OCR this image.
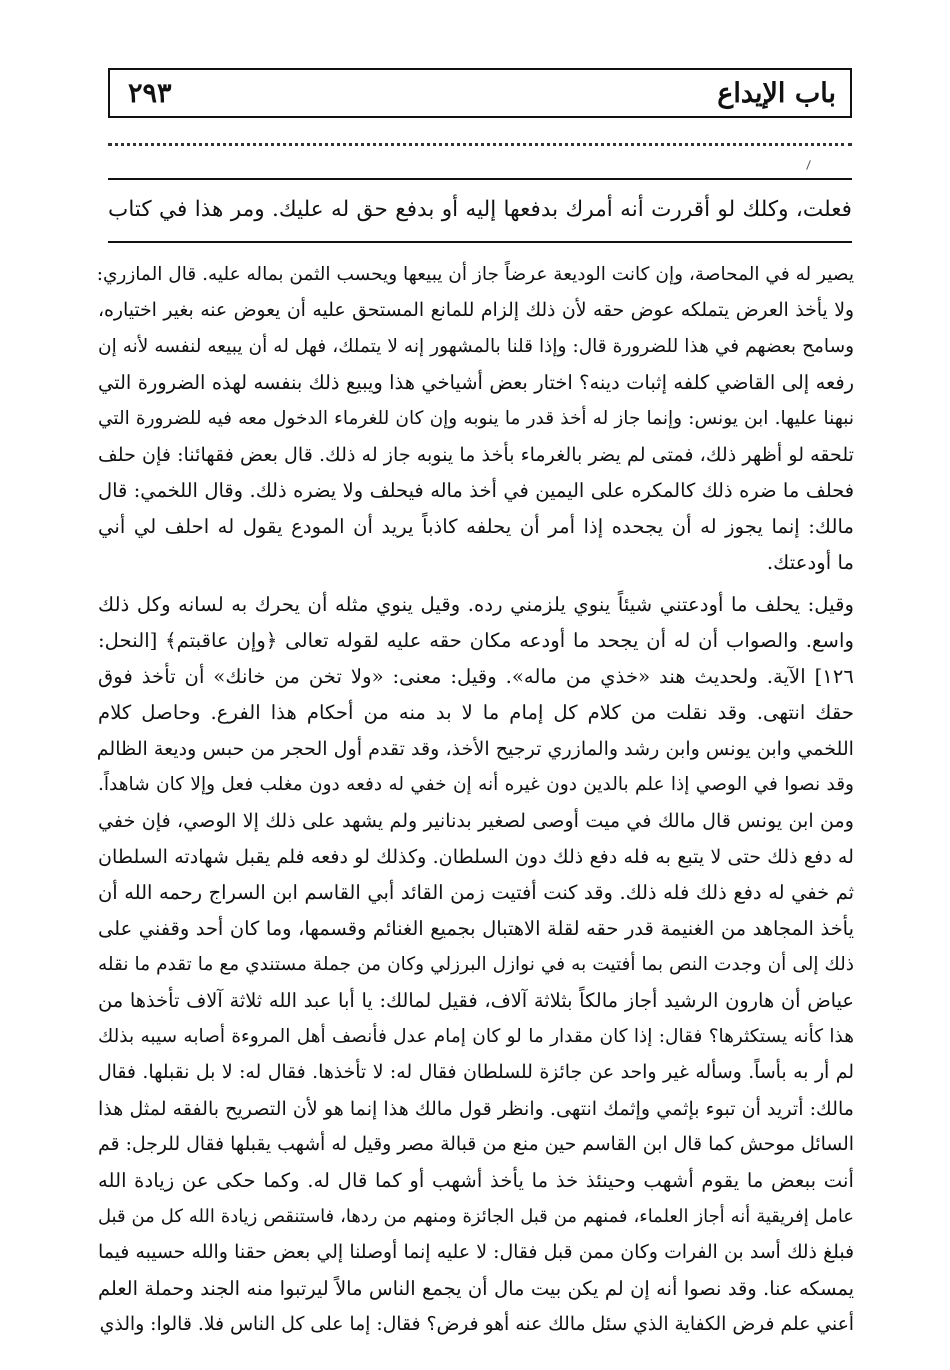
باب الإيداع
٢٩٣
فعلت، وكلك لو أقررت أنه أمرك بدفعها إليه أو بدفع حق له عليك. ومر هذا في كتاب
يصير له في المحاصة، وإن كانت الوديعة عرضاً جاز أن يبيعها ويحسب الثمن بماله عليه. قال المازري:
ولا يأخذ العرض يتملكه عوض حقه لأن ذلك إلزام للمانع المستحق عليه أن يعوض عنه بغير اختياره،
وسامح بعضهم في هذا للضرورة قال: وإذا قلنا بالمشهور إنه لا يتملك، فهل له أن يبيعه لنفسه لأنه إن
رفعه إلى القاضي كلفه إثبات دينه؟ اختار بعض أشياخي هذا ويبيع ذلك بنفسه لهذه الضرورة التي
نبهنا عليها. ابن يونس: وإنما جاز له أخذ قدر ما ينوبه وإن كان للغرماء الدخول معه فيه للضرورة التي
تلحقه لو أظهر ذلك، فمتى لم يضر بالغرماء بأخذ ما ينوبه جاز له ذلك. قال بعض فقهائنا: فإن حلف
فحلف ما ضره ذلك كالمكره على اليمين في أخذ ماله فيحلف ولا يضره ذلك. وقال اللخمي: قال
مالك: إنما يجوز له أن يجحده إذا أمر أن يحلفه كاذباً يريد أن المودع يقول له احلف لي أني
ما أودعتك.
وقيل: يحلف ما أودعتني شيئاً ينوي يلزمني رده. وقيل ينوي مثله أن يحرك به لسانه وكل ذلك
واسع. والصواب أن له أن يجحد ما أودعه مكان حقه عليه لقوله تعالى ﴿وإن عاقبتم﴾ [النحل:
١٢٦] الآية. ولحديث هند «خذي من ماله». وقيل: معنى: «ولا تخن من خانك» أن تأخذ فوق
حقك انتهى. وقد نقلت من كلام كل إمام ما لا بد منه من أحكام هذا الفرع. وحاصل كلام
اللخمي وابن يونس وابن رشد والمازري ترجيح الأخذ، وقد تقدم أول الحجر من حبس وديعة الظالم
وقد نصوا في الوصي إذا علم بالدين دون غيره أنه إن خفي له دفعه دون مغلب فعل وإلا كان شاهداً.
ومن ابن يونس قال مالك في ميت أوصى لصغير بدنانير ولم يشهد على ذلك إلا الوصي، فإن خفي
له دفع ذلك حتى لا يتبع به فله دفع ذلك دون السلطان. وكذلك لو دفعه فلم يقبل شهادته السلطان
ثم خفي له دفع ذلك فله ذلك. وقد كنت أفتيت زمن القائد أبي القاسم ابن السراج رحمه الله أن
يأخذ المجاهد من الغنيمة قدر حقه لقلة الاهتبال بجميع الغنائم وقسمها، وما كان أحد وقفني على
ذلك إلى أن وجدت النص بما أفتيت به في نوازل البرزلي وكان من جملة مستندي مع ما تقدم ما نقله
عياض أن هارون الرشيد أجاز مالكاً بثلاثة آلاف، فقيل لمالك: يا أبا عبد الله ثلاثة آلاف تأخذها من
هذا كأنه يستكثرها؟ فقال: إذا كان مقدار ما لو كان إمام عدل فأنصف أهل المروءة أصابه سيبه بذلك
لم أر به بأساً. وسأله غير واحد عن جائزة للسلطان فقال له: لا تأخذها. فقال له: لا بل نقبلها. فقال
مالك: أتريد أن تبوء بإثمي وإثمك انتهى. وانظر قول مالك هذا إنما هو لأن التصريح بالفقه لمثل هذا
السائل موحش كما قال ابن القاسم حين منع من قبالة مصر وقيل له أشهب يقبلها فقال للرجل: قم
أنت ببعض ما يقوم أشهب وحينئذ خذ ما يأخذ أشهب أو كما قال له. وكما حكى عن زيادة الله
عامل إفريقية أنه أجاز العلماء، فمنهم من قبل الجائزة ومنهم من ردها، فاستنقص زيادة الله كل من قبل
فبلغ ذلك أسد بن الفرات وكان ممن قبل فقال: لا عليه إنما أوصلنا إلي بعض حقنا والله حسيبه فيما
يمسكه عنا. وقد نصوا أنه إن لم يكن بيت مال أن يجمع الناس مالاً ليرتبوا منه الجند وحملة العلم
أعني علم فرض الكفاية الذي سئل مالك عنه أهو فرض؟ فقال: إما على كل الناس فلا. قالوا: والذي
